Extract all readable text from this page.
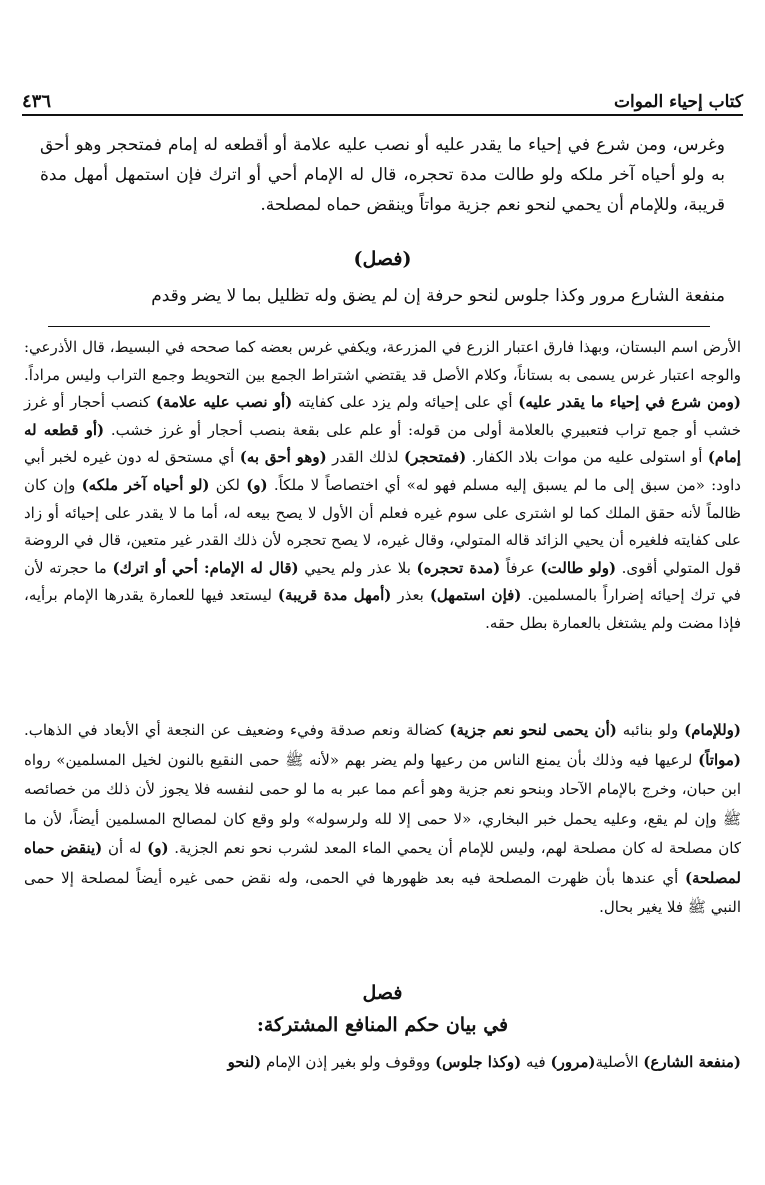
كتاب إحياء الموات
٤٣٦
وغرس، ومن شرع في إحياء ما يقدر عليه أو نصب عليه علامة أو أقطعه له إمام فمتحجر وهو أحق به ولو أحياه آخر ملكه ولو طالت مدة تحجره، قال له الإمام أحي أو اترك فإن استمهل أمهل مدة قريبة، وللإمام أن يحمي لنحو نعم جزية مواتاً وينقض حماه لمصلحة.
(فصل)
منفعة الشارع مرور وكذا جلوس لنحو حرفة إن لم يضق وله تظليل بما لا يضر وقدم

الأرض اسم البستان، وبهذا فارق اعتبار الزرع في المزرعة، ويكفي غرس بعضه كما صححه في البسيط، قال الأذرعي: والوجه اعتبار غرس يسمى به بستاناً، وكلام الأصل قد يقتضي اشتراط الجمع بين التحويط وجمع التراب وليس مراداً. (ومن شرع في إحياء ما يقدر عليه) أي على إحيائه ولم يزد على كفايته (أو نصب عليه علامة) كنصب أحجار أو غرز خشب أو جمع تراب فتعبيري بالعلامة أولى من قوله: أو علم على بقعة بنصب أحجار أو غرز خشب. (أو قطعه له إمام) أو استولى عليه من موات بلاد الكفار. (فمتحجر) لذلك القدر (وهو أحق به) أي مستحق له دون غيره لخبر أبي داود: «من سبق إلى ما لم يسبق إليه مسلم فهو له» أي اختصاصاً لا ملكاً. (و) لكن (لو أحياه آخر ملكه) وإن كان ظالماً لأنه حقق الملك كما لو اشترى على سوم غيره فعلم أن الأول لا يصح بيعه له، أما ما لا يقدر على إحيائه أو زاد على كفايته فلغيره أن يحيي الزائد قاله المتولي، وقال غيره، لا يصح تحجره لأن ذلك القدر غير متعين، قال في الروضة قول المتولي أقوى. (ولو طالت) عرفاً (مدة تحجره) بلا عذر ولم يحيي (قال له الإمام: أحي أو اترك) ما حجرته لأن في ترك إحيائه إضراراً بالمسلمين. (فإن استمهل) بعذر (أمهل مدة قريبة) ليستعد فيها للعمارة يقدرها الإمام برأيه، فإذا مضت ولم يشتغل بالعمارة بطل حقه.

(وللإمام) ولو بنائبه (أن يحمى لنحو نعم جزية) كضالة ونعم صدقة وفيء وضعيف عن النجعة أي الأبعاد في الذهاب. (مواتاً) لرعيها فيه وذلك بأن يمنع الناس من رعيها ولم يضر بهم «لأنه ﷺ حمى النقيع بالنون لخيل المسلمين» رواه ابن حبان، وخرج بالإمام الآحاد وبنحو نعم جزية وهو أعم مما عبر به ما لو حمى لنفسه فلا يجوز لأن ذلك من خصائصه ﷺ وإن لم يقع، وعليه يحمل خبر البخاري، «لا حمى إلا لله ولرسوله» ولو وقع كان لمصالح المسلمين أيضاً، لأن ما كان مصلحة له كان مصلحة لهم، وليس للإمام أن يحمي الماء المعد لشرب نحو نعم الجزية. (و) له أن (ينقض حماه لمصلحة) أي عندها بأن ظهرت المصلحة فيه بعد ظهورها في الحمى، وله نقض حمى غيره أيضاً لمصلحة إلا حمى النبي ﷺ فلا يغير بحال.

فصل
في بيان حكم المنافع المشتركة:
(منفعة الشارع) الأصلية(مرور) فيه (وكذا جلوس) ووقوف ولو بغير إذن الإمام (لنحو
